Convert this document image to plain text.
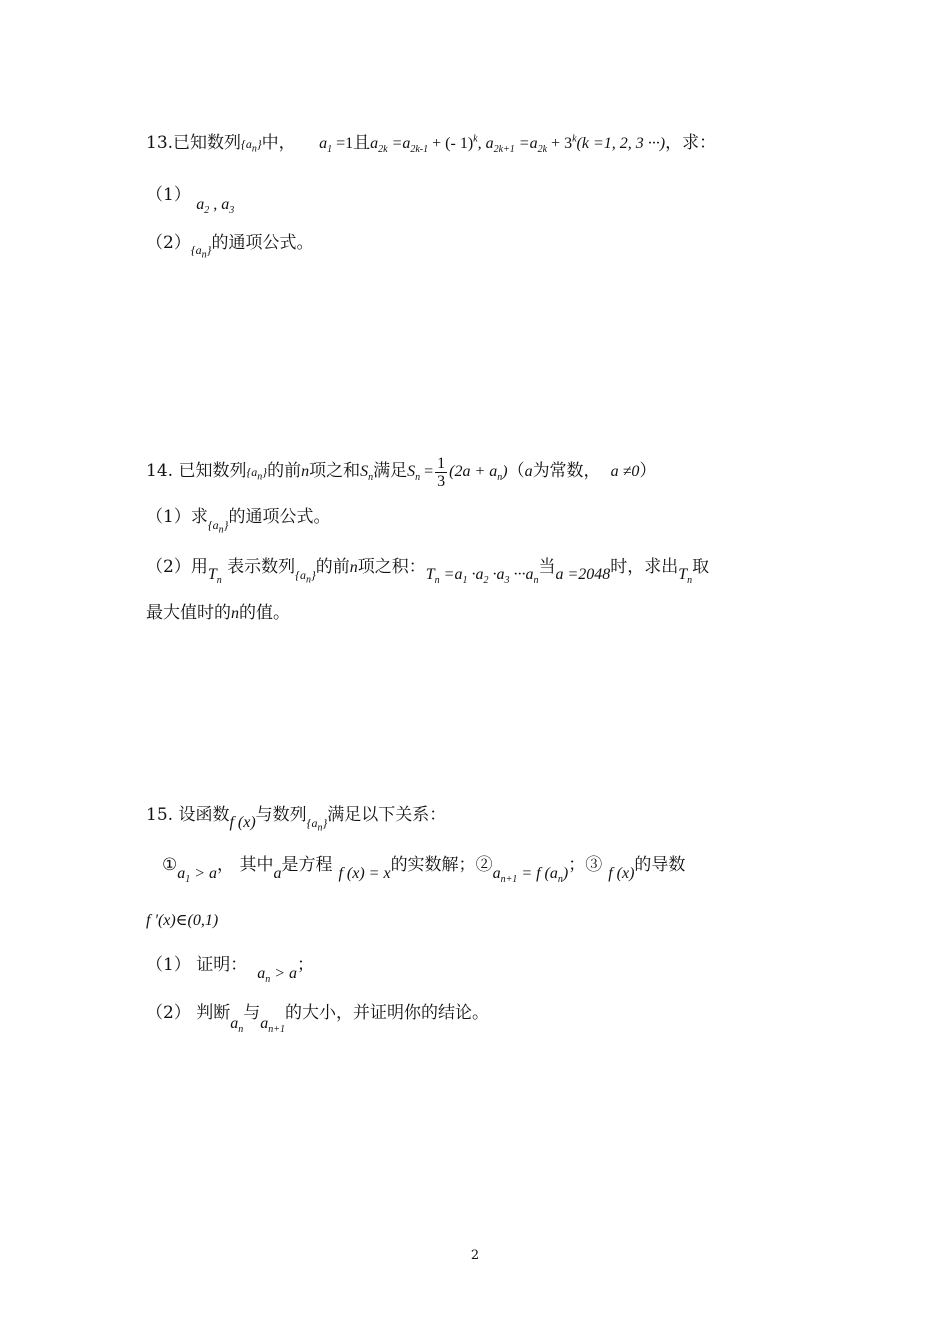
13.已知数列$\{a_n\}$中， $a_1 =1$且$a_{2k} =a_{2k-1}$ + (- 1)$^k$, $a_{2k+1} =a_{2k} + 3^k(k =1$, 2, 3 ···)，求：
（1） $a_2$ , $a_3$
$(2)_{\{a_n\}}$的通项公式。
14. 已知数列$\{a_n\}$的前n项之和$S_n$满足$S_n = \frac{1}{3} (2a + a_n)(a$为常数， a ≠0）
（1）求$_{\{a_n\}}$的通项公式。
（2）用$T_n$ 表示数列$_{\{a_n\}}$的前n项之积：$T_n =a_1 \cdot a_2 \cdot a_3 \cdot\cdot\cdot a_n$当a =2048时，求出$T_n$取
最大值时的n的值。
15. 设函数f (x)与数列$_{\{a_n\}}$满足以下关系：
$①a_1 > a$， 其中a是方程 f (x) = x的实数解；$②a_{n+1} = f$ $(a_n)$；③ f (x)的导数
f ′(x)∈(0,1)
（1） 证明： $a_n > a$；
（2） 判断$a_n$与$a_{n+1}$的大小，并证明你的结论。
2
